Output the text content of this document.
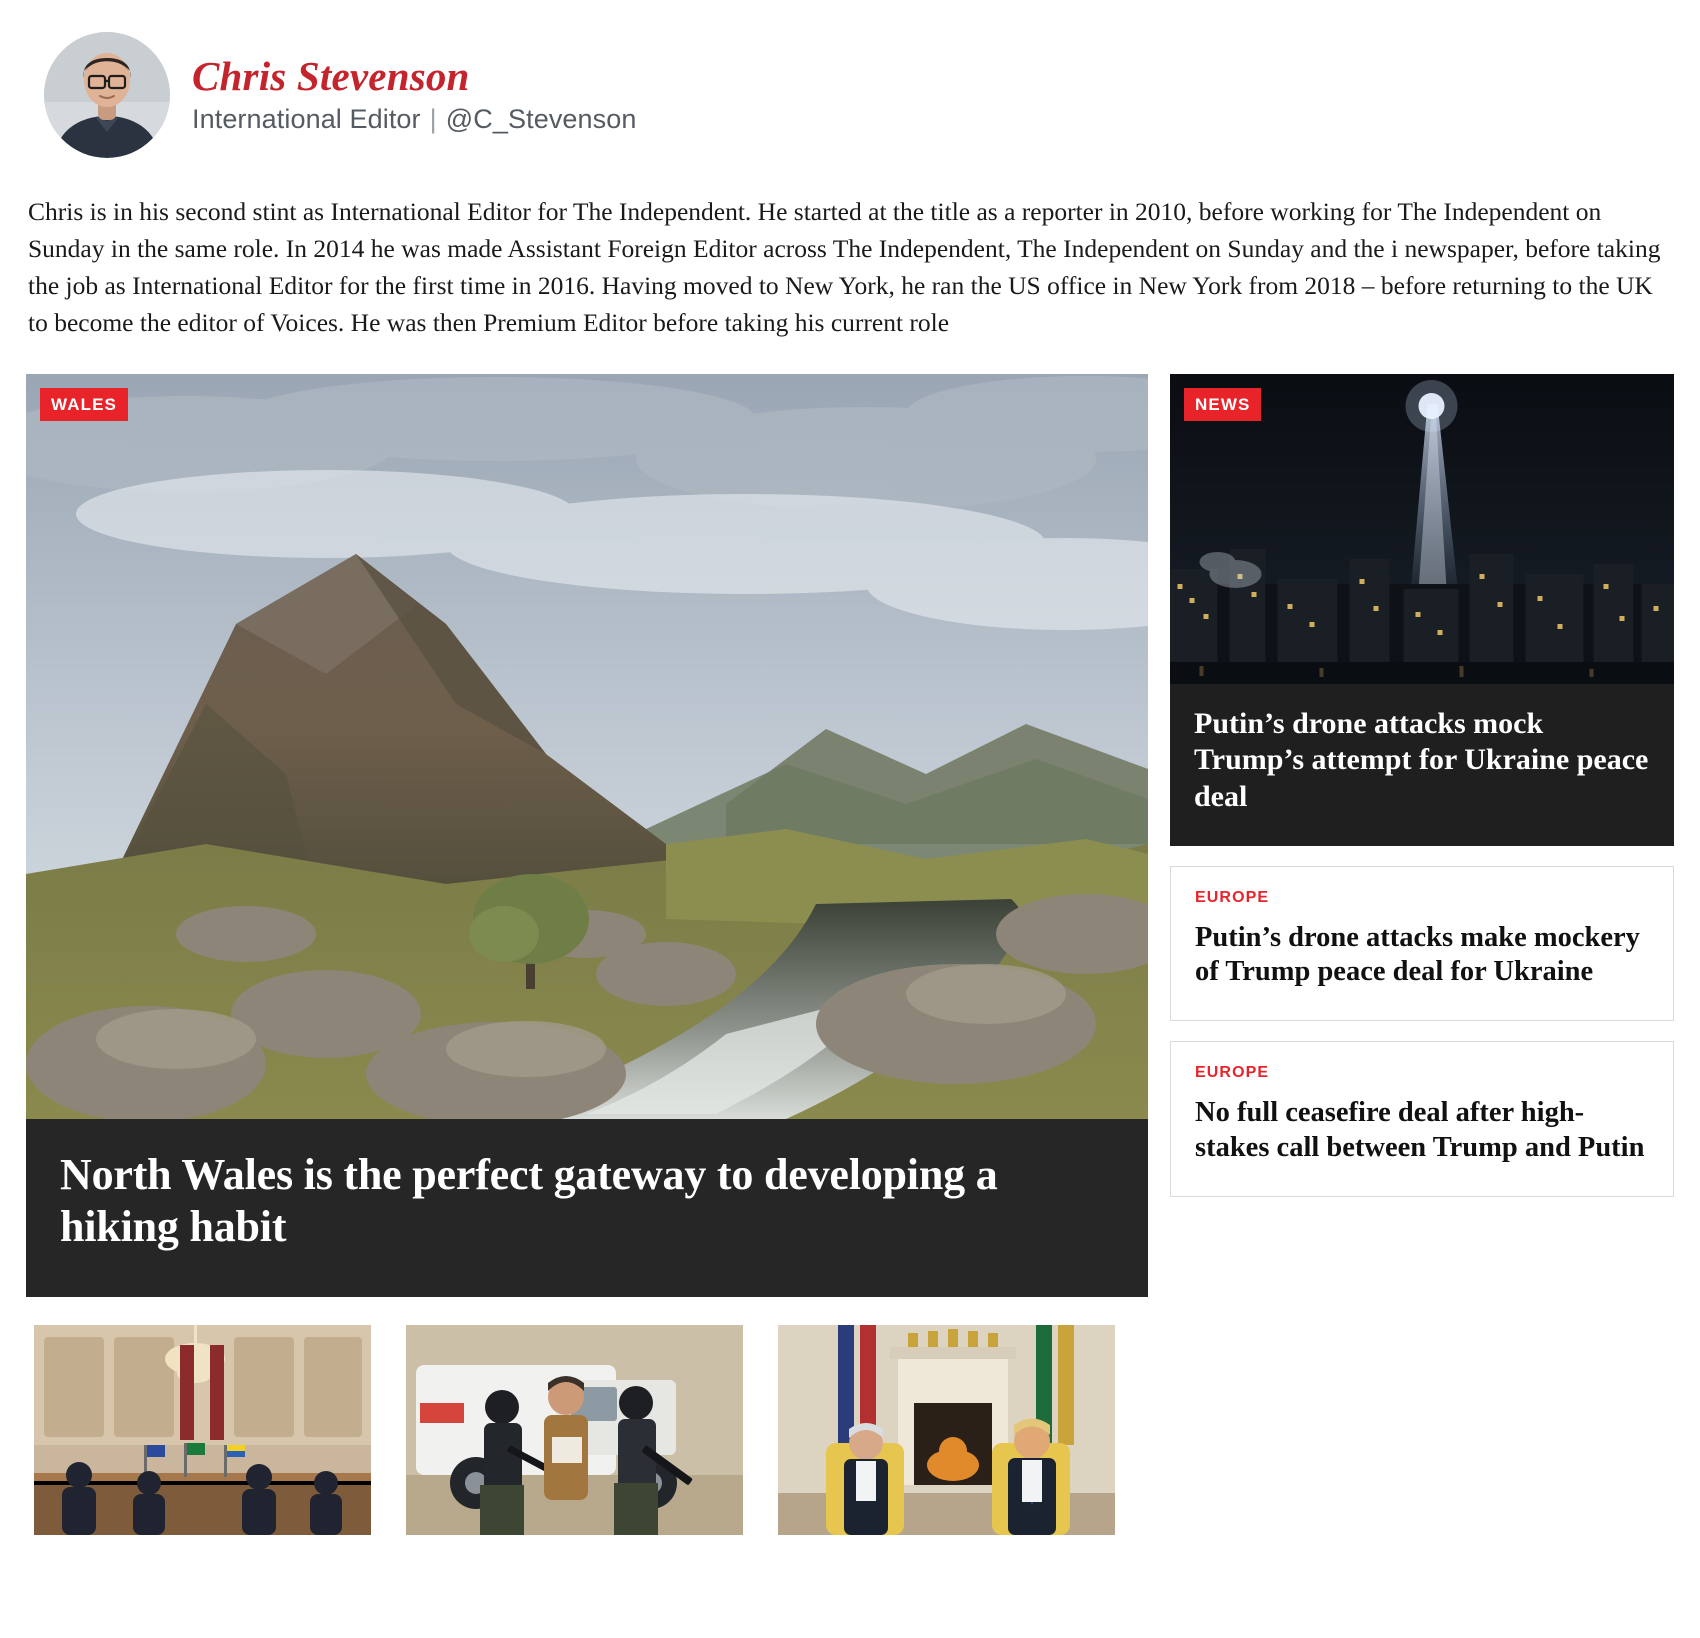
Chris Stevenson
International Editor | @C_Stevenson

Chris is in his second stint as International Editor for The Independent. He started at the title as a reporter in 2010, before working for The Independent on Sunday in the same role. In 2014 he was made Assistant Foreign Editor across The Independent, The Independent on Sunday and the i newspaper, before taking the job as International Editor for the first time in 2016. Having moved to New York, he ran the US office in New York from 2018 – before returning to the UK to become the editor of Voices. He was then Premium Editor before taking his current role

WALES
North Wales is the perfect gateway to developing a hiking habit
NEWS
Putin’s drone attacks mock Trump’s attempt for Ukraine peace deal
EUROPE
Putin’s drone attacks make mockery of Trump peace deal for Ukraine
EUROPE
No full ceasefire deal after high-stakes call between Trump and Putin
